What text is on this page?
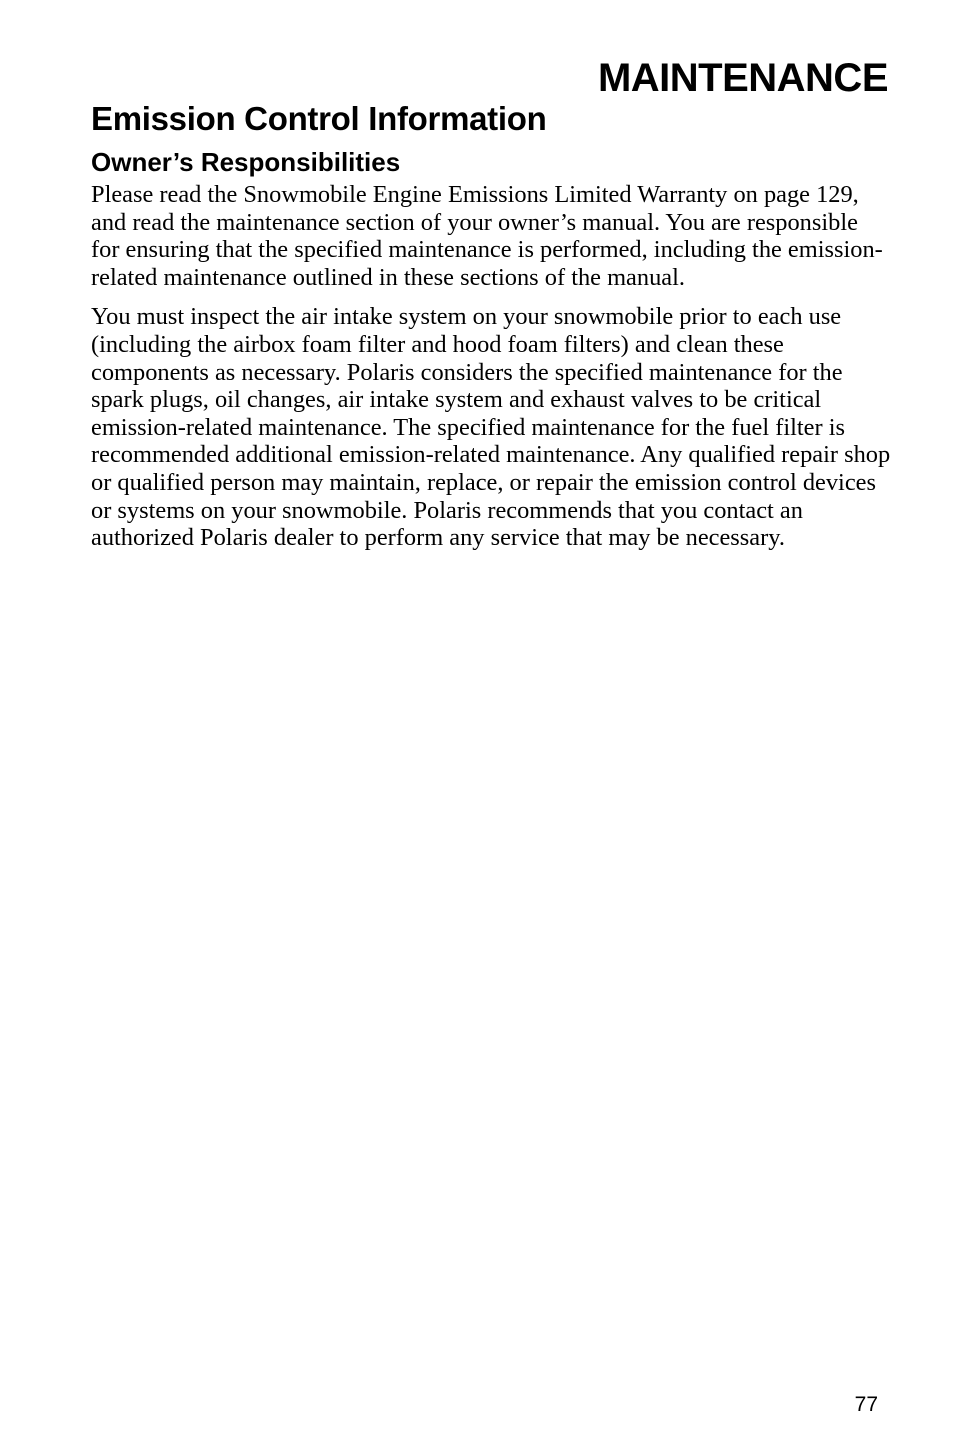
MAINTENANCE
Emission Control Information
Owner’s Responsibilities

Please read the Snowmobile Engine Emissions Limited Warranty on page 129, and read the maintenance section of your owner’s manual. You are responsible for ensuring that the specified maintenance is performed, including the emission-related maintenance outlined in these sections of the manual.

You must inspect the air intake system on your snowmobile prior to each use (including the airbox foam filter and hood foam filters) and clean these components as necessary. Polaris considers the specified maintenance for the spark plugs, oil changes, air intake system and exhaust valves to be critical emission-related maintenance. The specified maintenance for the fuel filter is recommended additional emission-related maintenance. Any qualified repair shop or qualified person may maintain, replace, or repair the emission control devices or systems on your snowmobile. Polaris recommends that you contact an authorized Polaris dealer to perform any service that may be necessary.

77
